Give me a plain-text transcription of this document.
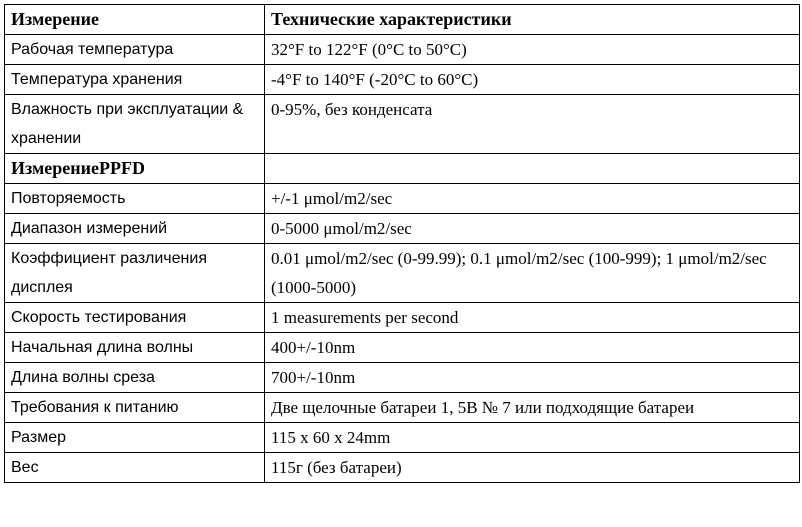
Измерение	Технические характеристики
Рабочая температура	32°F to 122°F (0°C to 50°C)
Температура хранения	-4°F to 140°F (-20°C to 60°C)
Влажность при эксплуатации & хранении	0-95%, без конденсата
ИзмерениеPPFD	
Повторяемость	+/-1 μmol/m2/sec
Диапазон измерений	0-5000 μmol/m2/sec
Коэффициент различения дисплея	0.01 μmol/m2/sec (0-99.99); 0.1 μmol/m2/sec (100-999); 1 μmol/m2/sec (1000-5000)
Скорость тестирования	1 measurements per second
Начальная длина волны	400+/-10nm
Длина волны среза	700+/-10nm
Требования к питанию	Две щелочные батареи 1, 5В № 7 или подходящие батареи
Размер	115 x 60 x 24mm
Вес	115г (без батареи)
